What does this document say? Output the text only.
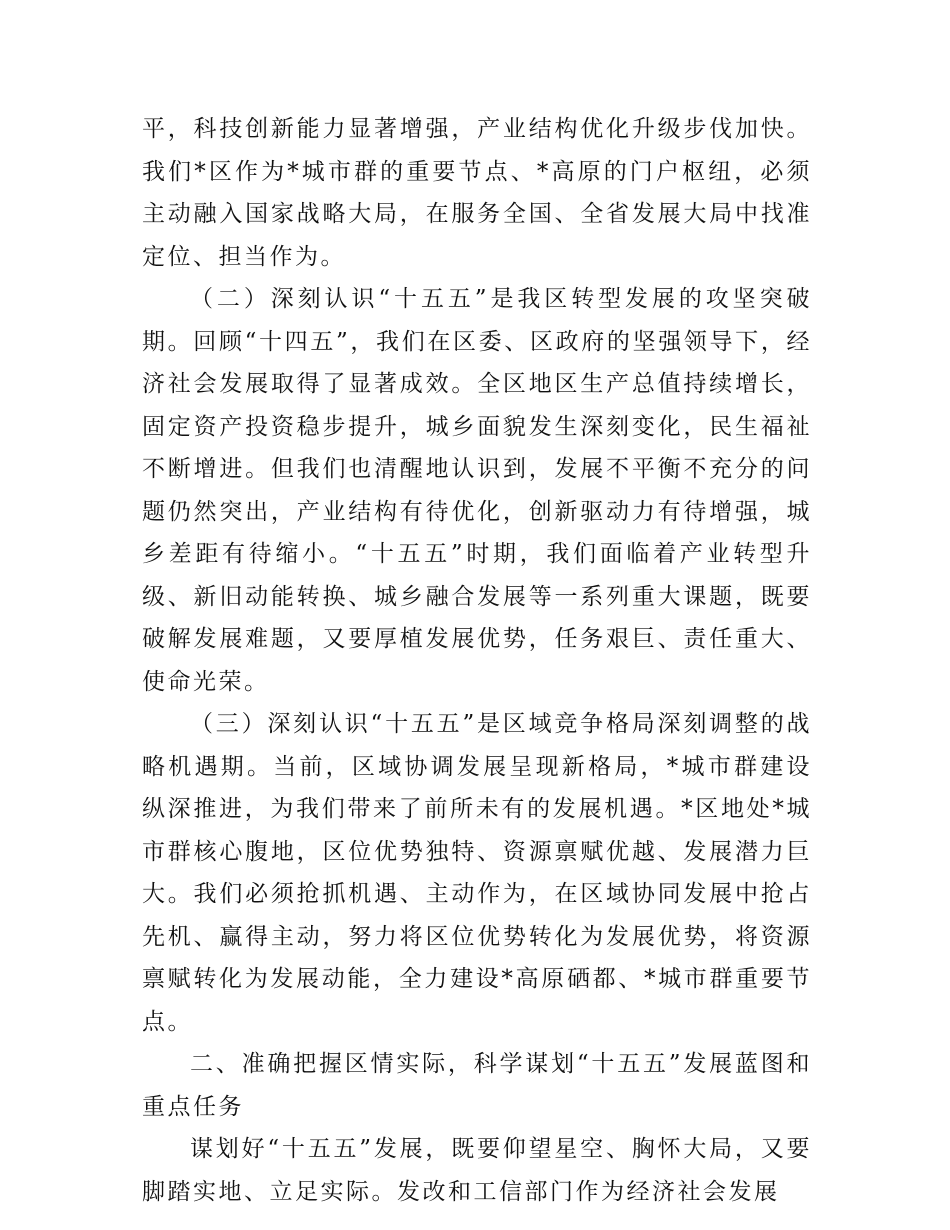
平，科技创新能力显著增强，产业结构优化升级步伐加快。我们*区作为*城市群的重要节点、*高原的门户枢纽，必须主动融入国家战略大局，在服务全国、全省发展大局中找准定位、担当作为。

（二）深刻认识“十五五”是我区转型发展的攻坚突破期。回顾“十四五”，我们在区委、区政府的坚强领导下，经济社会发展取得了显著成效。全区地区生产总值持续增长，固定资产投资稳步提升，城乡面貌发生深刻变化，民生福祉不断增进。但我们也清醒地认识到，发展不平衡不充分的问题仍然突出，产业结构有待优化，创新驱动力有待增强，城乡差距有待缩小。“十五五”时期，我们面临着产业转型升级、新旧动能转换、城乡融合发展等一系列重大课题，既要破解发展难题，又要厚植发展优势，任务艰巨、责任重大、使命光荣。

（三）深刻认识“十五五”是区域竞争格局深刻调整的战略机遇期。当前，区域协调发展呈现新格局，*城市群建设纵深推进，为我们带来了前所未有的发展机遇。*区地处*城市群核心腹地，区位优势独特、资源禀赋优越、发展潜力巨大。我们必须抢抓机遇、主动作为，在区域协同发展中抢占先机、赢得主动，努力将区位优势转化为发展优势，将资源禀赋转化为发展动能，全力建设*高原硒都、*城市群重要节点。

二、准确把握区情实际，科学谋划“十五五”发展蓝图和重点任务

谋划好“十五五”发展，既要仰望星空、胸怀大局，又要脚踏实地、立足实际。发改和工信部门作为经济社会发展
